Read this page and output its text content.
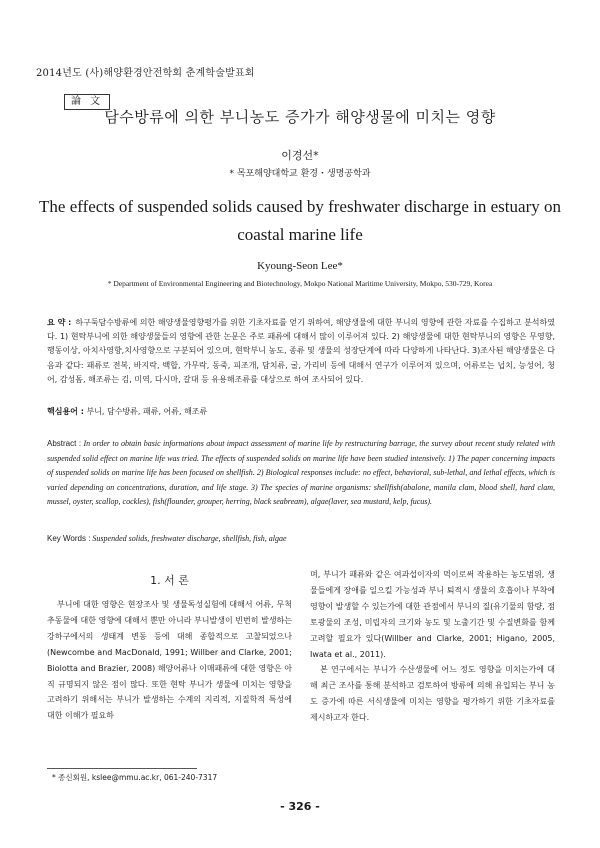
2014년도 (사)해양환경안전학회 춘계학술발표회
論 文
담수방류에 의한 부니농도 증가가 해양생물에 미치는 영향
이경선*
* 목포해양대학교 환경・생명공학과
The effects of suspended solids caused by freshwater discharge in estuary on coastal marine life
Kyoung-Seon Lee*
* Department of Environmental Engineering and Biotechnology, Mokpo National Maritime University, Mokpo, 530-729, Korea
요 약 : 하구둑담수방류에 의한 해양생물영향평가를 위한 기초자료를 얻기 위하여, 해양생물에 대한 부니의 영향에 관한 자료를 수집하고 분석하였다. 1) 현탁부니에 의한 해양생물들의 영향에 관한 논문은 주로 패류에 대해서 많이 이루어져 있다. 2) 해양생물에 대한 현탁부니의 영향은 무영향, 행동이상, 아치사영향,치사영향으로 구분되어 있으며, 현탁부니 농도, 종류 및 생물의 성장단계에 따라 다양하게 나타난다. 3)조사된 해양생물은 다음과 같다: 패류로 전복, 바지락, 백합, 가무락, 동죽, 피조개, 담치류, 굴, 가리비 등에 대해서 연구가 이루어져 있으며, 어류로는 넙치, 능성어, 청어, 감성돔, 해조류는 김, 미역, 다시마, 갈대 등 유용해조류를 대상으로 하여 조사되어 있다.
핵심용어 : 부니, 담수방류, 패류, 어류, 해조류
Abstract : In order to obtain basic informations about impact assessment of marine life by restructuring barrage, the survey about recent study related with suspended solid effect on marine life was tried. The effects of suspended solids on marine life have been studied intensively. 1) The paper concerning impacts of suspended solids on marine life has been focused on shellfish. 2) Biological responses include: no effect, behavioral, sub-lethal, and lethal effects, which is varied depending on concentrations, duration, and life stage. 3) The species of marine organisms: shellfish(abalone, manila clam, blood shell, hard clam, mussel, oyster, scallop, cockles), fish(flounder, grouper, herring, black seabream), algae(laver, sea mustard, kelp, fucus).
Key Words : Suspended solids, freshwater discharge, shellfish, fish, algae
1. 서 론

부니에 대한 영향은 현장조사 및 생물독성실험에 대해서 어류, 무척추동물에 대한 영향에 대해서 뿐만 아니라 부니발생이 빈번히 발생하는 강하구에서의 생태계 변동 등에 대해 종합적으로 고찰되었으나(Newcombe and MacDonald, 1991; Willber and Clarke, 2001; Biolotta and Brazier, 2008) 해양어류나 이매패류에 대한 영향은 아직 규명되지 않은 점이 많다. 또한 현탁 부니가 생물에 미치는 영향을 고려하기 위해서는 부니가 발생하는 수계의 지리적, 지질학적 특성에 대한 이해가 필요하

며, 부니가 패류와 같은 여과섭이자의 먹이로써 작용하는 농도범위, 생물들에게 장애를 일으킬 가능성과 부니 퇴적시 생물의 호흡이나 부착에 영향이 발생할 수 있는가에 대한 관점에서 부니의 질(유기물의 함량, 점토광물의 조성, 미립자의 크기와 농도 및 노출기간 및 수질변화를 함께 고려할 필요가 있다(Willber and Clarke, 2001; Higano, 2005, Iwata et al., 2011).

본 연구에서는 부니가 수산생물에 어느 정도 영향을 미치는가에 대해 최근 조사를 통해 분석하고 검토하여 방류에 의해 유입되는 부니 농도 증가에 따른 서식생물에 미치는 영향을 평가하기 위한 기초자료를 제시하고자 한다.

* 종신회원, kslee@mmu.ac.kr, 061-240-7317
- 326 -
